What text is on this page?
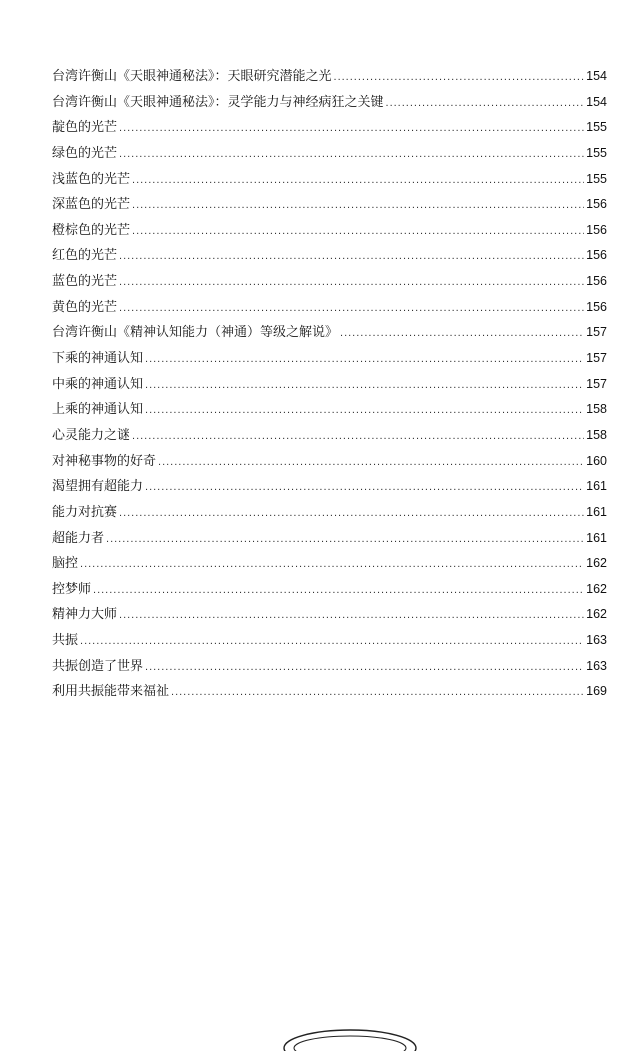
台湾许衡山《天眼神通秘法》：天眼研究潜能之光 .....	154
台湾许衡山《天眼神通秘法》：灵学能力与神经病狂之关键 .....	154
靛色的光芒 .....	155
绿色的光芒 .....	155
浅蓝色的光芒 .....	155
深蓝色的光芒 .....	156
橙棕色的光芒 .....	156
红色的光芒 .....	156
蓝色的光芒 .....	156
黄色的光芒 .....	156
台湾许衡山《精神认知能力（神通）等级之解说》 .....	157
下乘的神通认知 .....	157
中乘的神通认知 .....	157
上乘的神通认知 .....	158
心灵能力之谜 .....	158
对神秘事物的好奇 .....	160
渴望拥有超能力 .....	161
能力对抗赛 .....	161
超能力者 .....	161
脑控 .....	162
控梦师 .....	162
精神力大师 .....	162
共振 .....	163
共振创造了世界 .....	163
利用共振能带来福祉 .....	169
